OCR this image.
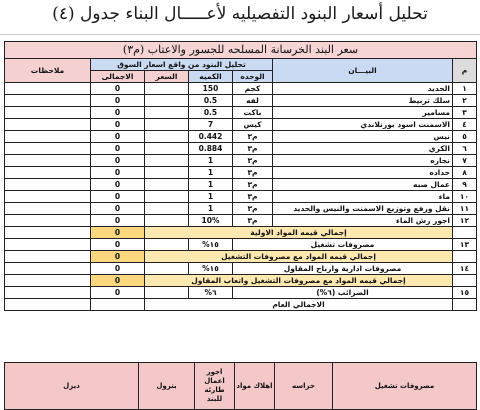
تحليل أسعار البنود التفصيليه لأعـــــال البناء جدول (٤)
سعر البند الخرسانة المسلحه للجسور والاعتاب (م٣)						
م	البيـــان	تحليل البنود من واقع اسعار السوق				ملاحظات
		الوحده	الكميه	السعر	الاجمالى	
١	الحديد	كجم	150		0	
٢	سلك تربيط	لفه	0.5		0	
٣	مسامير	باكت	0.5		0	
٤	الاسمنت اسود بورتلاندي	كيس	7		0	
٥	نيس	م٣	0.442		0	
٦	الكري	م٣	0.884		0	
٧	نجاره	م٣	1		0	
٨	حداده	م٣	1		0	
٩	عمال صبه	م٣	1		0	
١٠	ماء	م٣	1		0	
١١	نقل ورفع وتوزيع الاسمنت والنيس والحديد	م٣	1		0	
١٢	اجور رش الماء	م٣	10%		0	
	إجمالي قيمه المواد الاولية				0	
١٣	مصروفات تشغيل		١٥%		0	
	إجمالي قيمه المواد مع مصروفات التشغيل				0	
١٤	مصروفات ادارية وارباح المقاول		١٥%		0	
	إجمالي قيمه المواد مع مصروفات التشغيل واتعاب المقاول				0	
١٥	الضرائب (٦%)		٦%		0	
	الاجمالي العام					
مصروفات تشغيل	حراسه	اهلاك مواد	اجور اعمال طارئه للبند	بترول	ديزل
